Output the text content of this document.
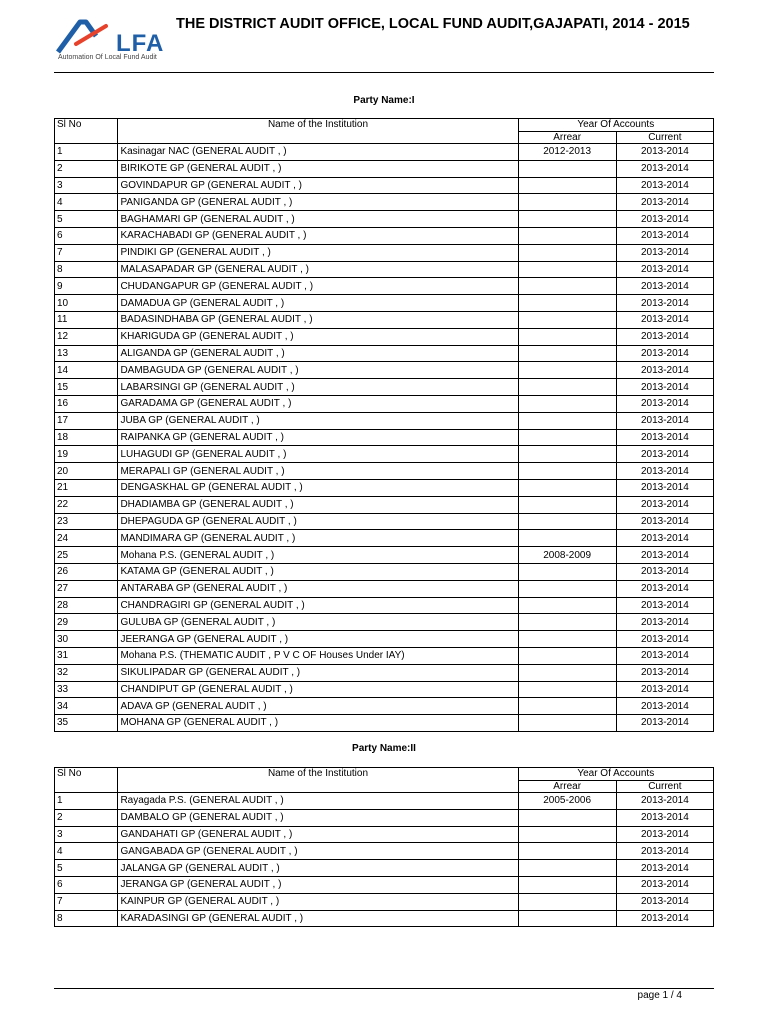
LFA
Automation Of Local Fund Audit
THE DISTRICT AUDIT OFFICE, LOCAL FUND AUDIT,GAJAPATI, 2014 - 2015
Party Name:I
Sl No	Name of the Institution	Year Of Accounts	
		Arrear	Current
1	Kasinagar NAC (GENERAL AUDIT , )	2012-2013	2013-2014
2	BIRIKOTE GP (GENERAL AUDIT , )		2013-2014
3	GOVINDAPUR GP (GENERAL AUDIT , )		2013-2014
4	PANIGANDA GP (GENERAL AUDIT , )		2013-2014
5	BAGHAMARI GP (GENERAL AUDIT , )		2013-2014
6	KARACHABADI GP (GENERAL AUDIT , )		2013-2014
7	PINDIKI GP (GENERAL AUDIT , )		2013-2014
8	MALASAPADAR GP (GENERAL AUDIT , )		2013-2014
9	CHUDANGAPUR GP (GENERAL AUDIT , )		2013-2014
10	DAMADUA GP (GENERAL AUDIT , )		2013-2014
11	BADASINDHABA GP (GENERAL AUDIT , )		2013-2014
12	KHARIGUDA GP (GENERAL AUDIT , )		2013-2014
13	ALIGANDA GP (GENERAL AUDIT , )		2013-2014
14	DAMBAGUDA GP (GENERAL AUDIT , )		2013-2014
15	LABARSINGI GP (GENERAL AUDIT , )		2013-2014
16	GARADAMA GP (GENERAL AUDIT , )		2013-2014
17	JUBA GP (GENERAL AUDIT , )		2013-2014
18	RAIPANKA GP (GENERAL AUDIT , )		2013-2014
19	LUHAGUDI GP (GENERAL AUDIT , )		2013-2014
20	MERAPALI GP (GENERAL AUDIT , )		2013-2014
21	DENGASKHAL GP (GENERAL AUDIT , )		2013-2014
22	DHADIAMBA GP (GENERAL AUDIT , )		2013-2014
23	DHEPAGUDA GP (GENERAL AUDIT , )		2013-2014
24	MANDIMARA GP (GENERAL AUDIT , )		2013-2014
25	Mohana P.S. (GENERAL AUDIT , )	2008-2009	2013-2014
26	KATAMA GP (GENERAL AUDIT , )		2013-2014
27	ANTARABA GP (GENERAL AUDIT , )		2013-2014
28	CHANDRAGIRI GP (GENERAL AUDIT , )		2013-2014
29	GULUBA GP (GENERAL AUDIT , )		2013-2014
30	JEERANGA GP (GENERAL AUDIT , )		2013-2014
31	Mohana P.S. (THEMATIC AUDIT , P V C OF Houses Under IAY)		2013-2014
32	SIKULIPADAR GP (GENERAL AUDIT , )		2013-2014
33	CHANDIPUT GP (GENERAL AUDIT , )		2013-2014
34	ADAVA GP (GENERAL AUDIT , )		2013-2014
35	MOHANA GP (GENERAL AUDIT , )		2013-2014
Party Name:II
Sl No	Name of the Institution	Year Of Accounts	
		Arrear	Current
1	Rayagada P.S. (GENERAL AUDIT , )	2005-2006	2013-2014
2	DAMBALO GP (GENERAL AUDIT , )		2013-2014
3	GANDAHATI GP (GENERAL AUDIT , )		2013-2014
4	GANGABADA GP (GENERAL AUDIT , )		2013-2014
5	JALANGA GP (GENERAL AUDIT , )		2013-2014
6	JERANGA GP (GENERAL AUDIT , )		2013-2014
7	KAINPUR GP (GENERAL AUDIT , )		2013-2014
8	KARADASINGI GP (GENERAL AUDIT , )		2013-2014
page 1 / 4
